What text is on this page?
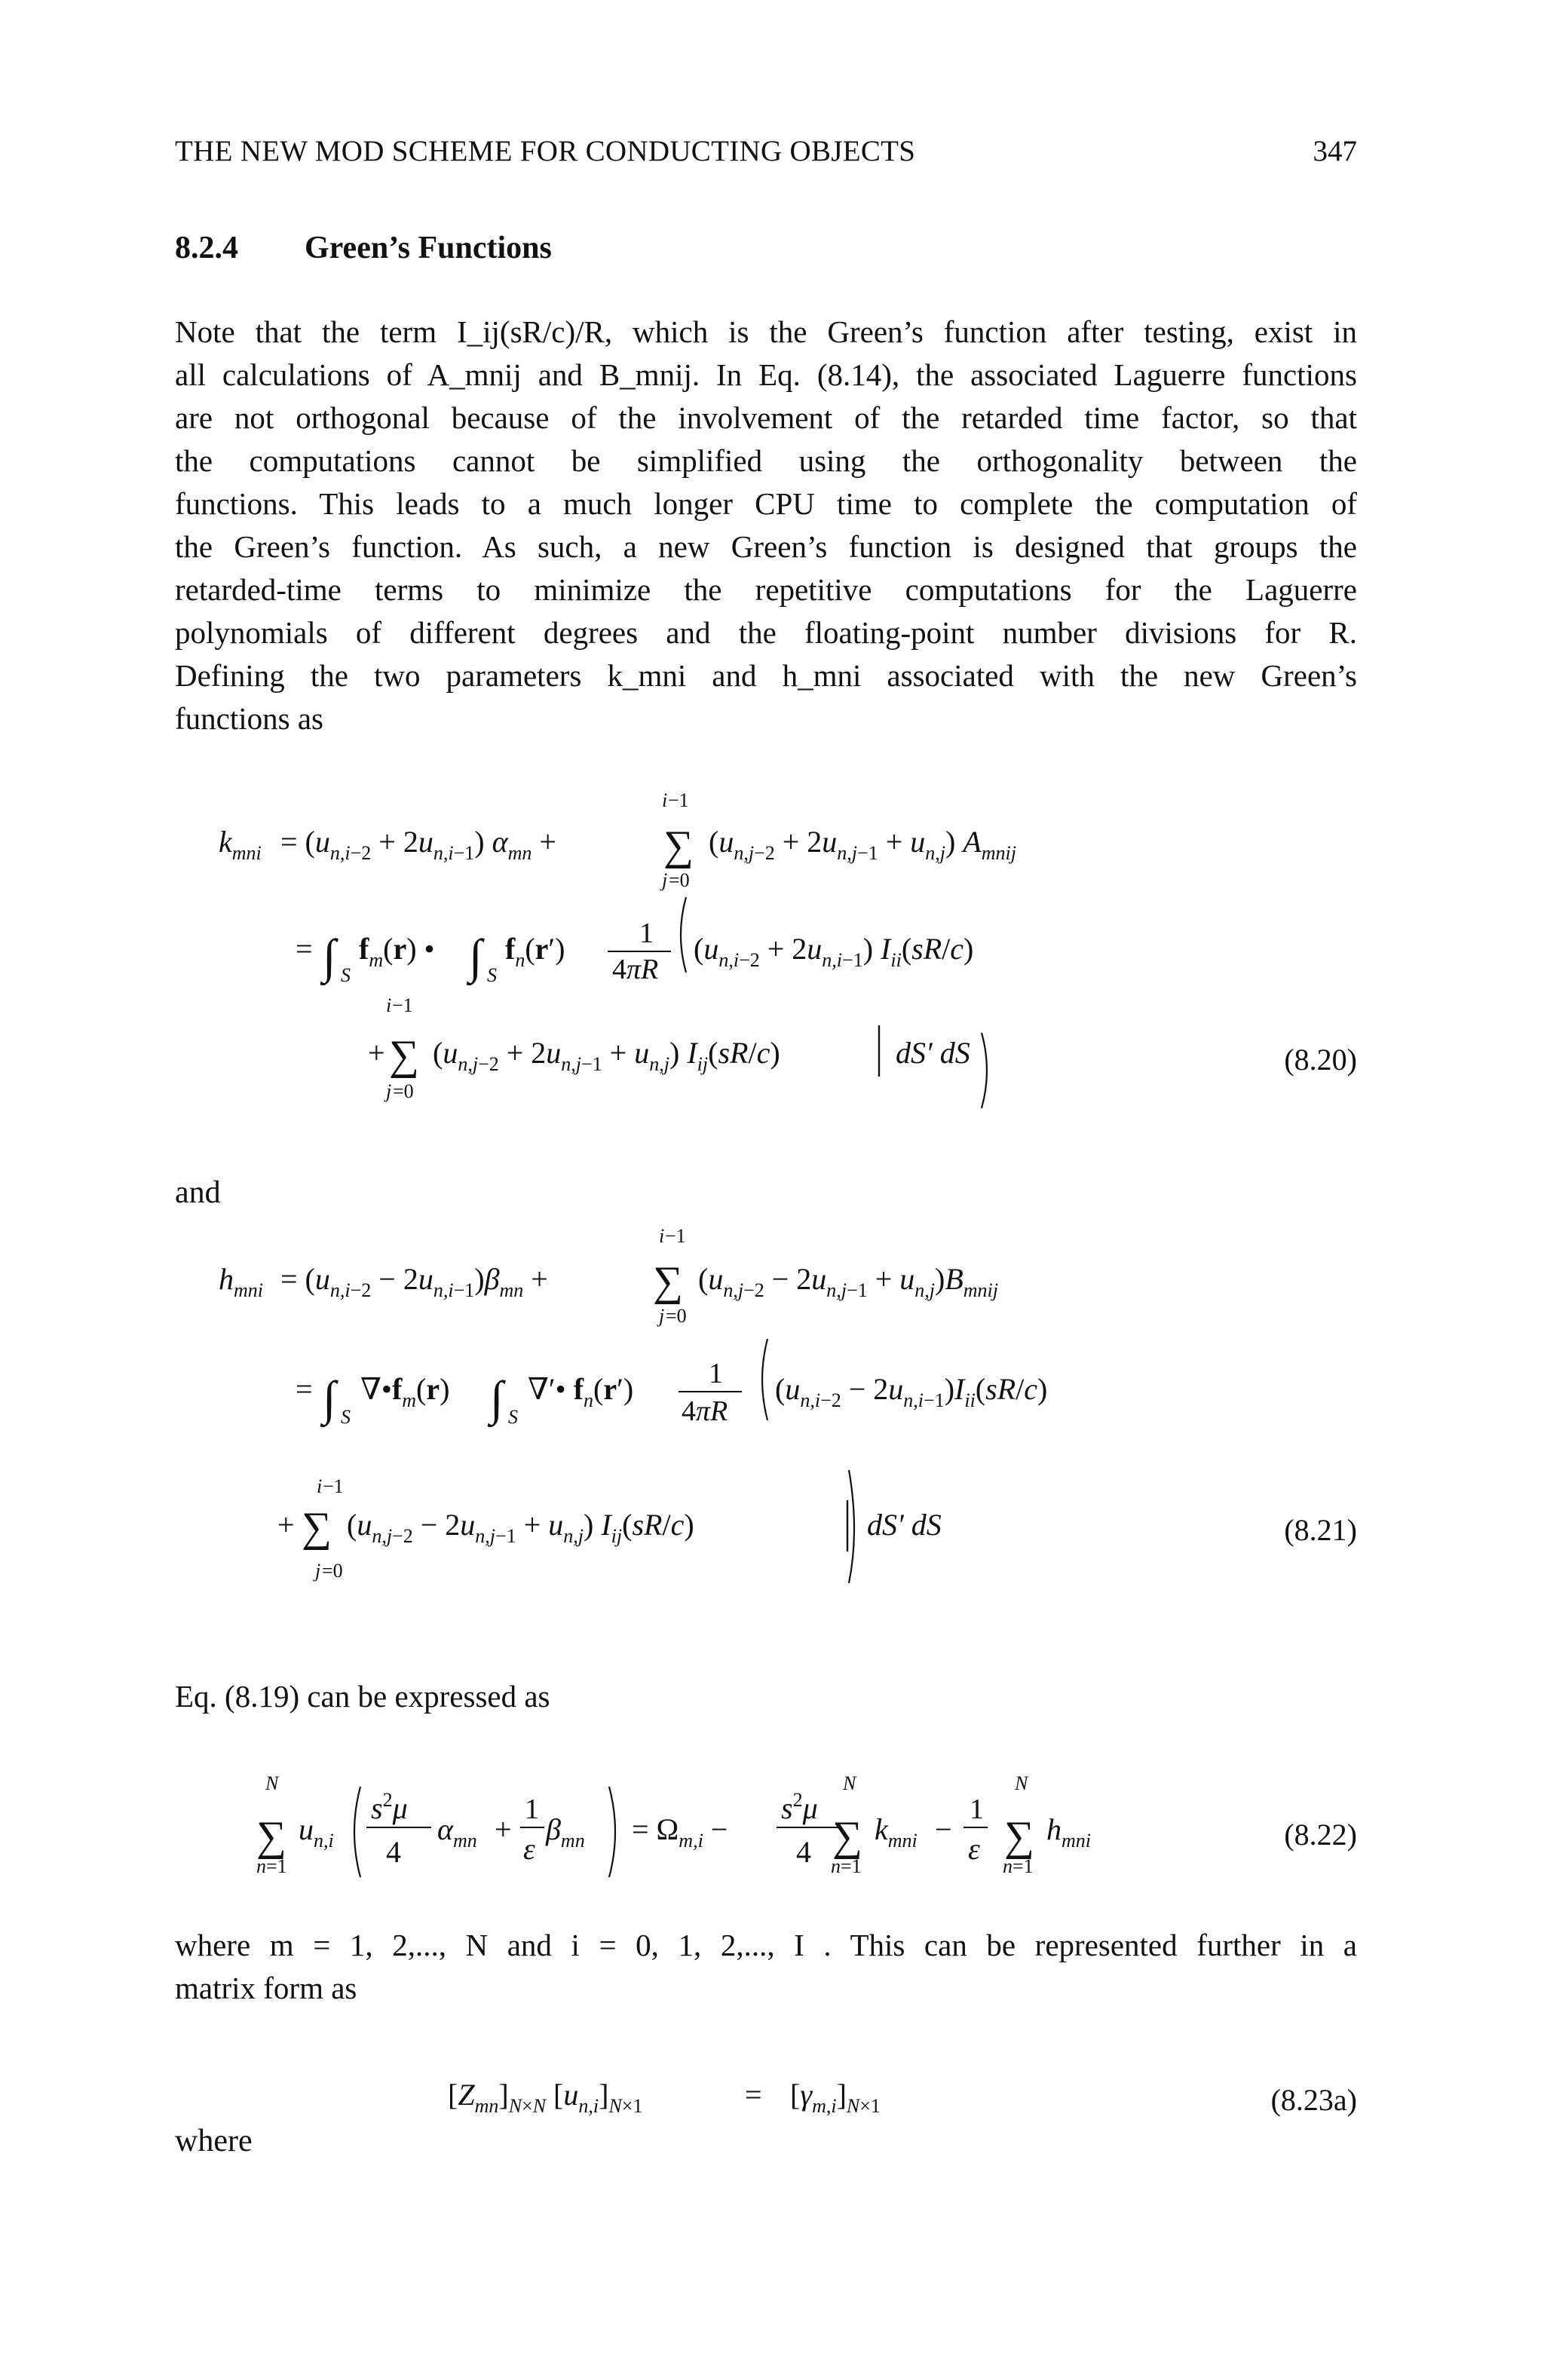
THE NEW MOD SCHEME FOR CONDUCTING OBJECTS	347
8.2.4 Green’s Functions
Note that the term I_ij(sR/c)/R, which is the Green’s function after testing, exist in
all calculations of A_mnij and B_mnij. In Eq. (8.14), the associated Laguerre functions
are not orthogonal because of the involvement of the retarded time factor, so that
the computations cannot be simplified using the orthogonality between the
functions. This leads to a much longer CPU time to complete the computation of
the Green’s function. As such, a new Green’s function is designed that groups the
retarded-time terms to minimize the repetitive computations for the Laguerre
polynomials of different degrees and the floating-point number divisions for R.
Defining the two parameters k_mni and h_mni associated with the new Green’s
functions as
$k_{mni} = (u_{n,i}-2 + 2u_{n,i}-1) \alpha_{mn}$ +
i −1
∑
j =0
$(u_{n,j}-2 + 2u_{n,j}-1 + u_{n,j})$ $A_{mnij}$
= ∫ S
$f_m(r)$ • ∫ S
$f_n(r')$	1
4πR
$(u_{n,i}-2 + 2u_{n,i}-1)$ $I_{ii}(sR/c)$
i −1
+ ∑
j =0
$(u_{n,j}-2 + 2u_{n,j}-1 + u_{n,j})$ $I_{ij}(sR/c)$	dS′ dS
$h_{mni} = (u_{n,i}-2 - 2u_{n,i}-1)\beta_{mn}$ +
i −1
∑
j =0
$(u_{n,j}-2 - 2u_{n,j}-1 + u_{n,j})B_{mnij}$
= ∫ S
$\nabla•f_m(r)$ ∫ S
∇′• $f_n(r')$	1
4πR
$(u_{n,i}-2 - 2u_{n,i}-1)I_{ii}(sR/c)$
i −1
+ ∑
j =0
$(u_{n,j}-2 - 2u_{n,j}-1 + u_{n,j})$ $I_{ij}(sR/c)$	dS′ dS
N
∑
n =1
$u_{n,i}$
$s^2\mu$
4
$\alpha_{mn}$ +
1
ε
$\beta_{mn} = \Omega_{m,i}$ −
$s^2\mu$
4
N
∑
n =1
$k_{mni}$ −
1
ε
N
∑
n =1
$h_{mni}$
$[Z_{mn}]_N\times N$ $[u_{n,i}]_N\times 1$	= $[\gamma_{m,i}]_N\times 1$
(8.20)
(8.21)
(8.22)
(8.23a)
and
Eq. (8.19) can be expressed as
where m = 1, 2,..., N and i = 0, 1, 2,..., I . This can be represented further in a
matrix form as
where
